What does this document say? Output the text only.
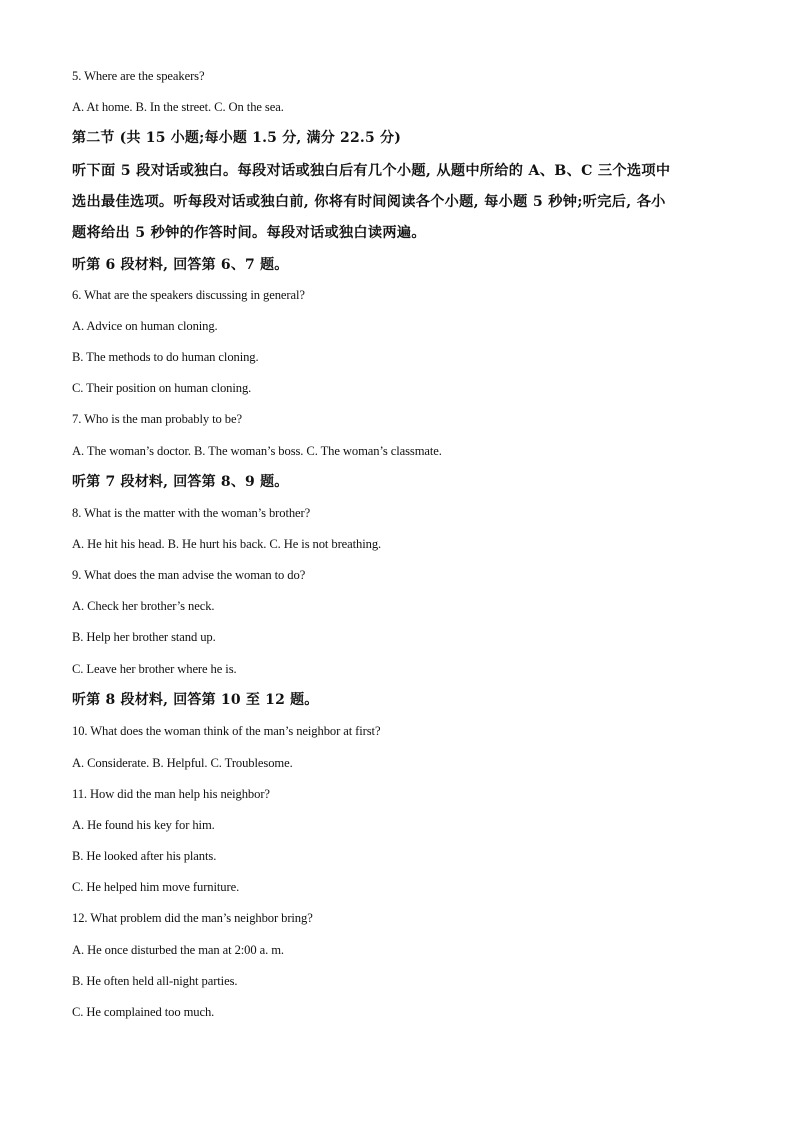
5. Where are the speakers?
A. At home. B. In the street. C. On the sea.
第二节 (共 15 小题;每小题 1.5 分, 满分 22.5 分)
听下面 5 段对话或独白。每段对话或独白后有几个小题, 从题中所给的 A、B、C 三个选项中
选出最佳选项。听每段对话或独白前, 你将有时间阅读各个小题, 每小题 5 秒钟;听完后, 各小
题将给出 5 秒钟的作答时间。每段对话或独白读两遍。
听第 6 段材料, 回答第 6、7 题。
6. What are the speakers discussing in general?
A. Advice on human cloning.
B. The methods to do human cloning.
C. Their position on human cloning.
7. Who is the man probably to be?
A. The woman’s doctor. B. The woman’s boss. C. The woman’s classmate.
听第 7 段材料, 回答第 8、9 题。
8. What is the matter with the woman’s brother?
A. He hit his head. B. He hurt his back. C. He is not breathing.
9. What does the man advise the woman to do?
A. Check her brother’s neck.
B. Help her brother stand up.
C. Leave her brother where he is.
听第 8 段材料, 回答第 10 至 12 题。
10. What does the woman think of the man’s neighbor at first?
A. Considerate. B. Helpful. C. Troublesome.
11. How did the man help his neighbor?
A. He found his key for him.
B. He looked after his plants.
C. He helped him move furniture.
12. What problem did the man’s neighbor bring?
A. He once disturbed the man at 2:00 a. m.
B. He often held all-night parties.
C. He complained too much.
